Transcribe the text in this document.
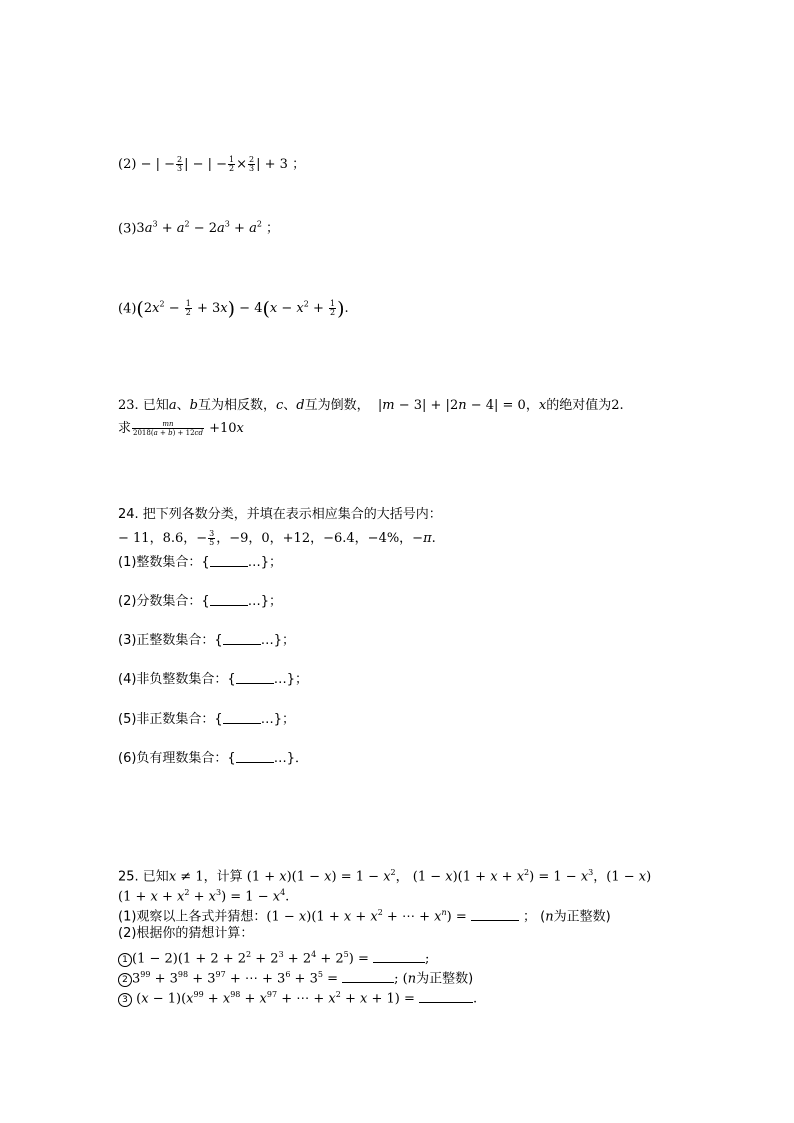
(2) − | − $\frac{2}{3}$ | − | − $\frac{1}{2} \times \frac{2}{3}$ | + 3 ；
$(3)3a^3 + a^2 - 2a^3 + a^2$ ；
$(4)(2x^2 - \frac{1}{2} + 3x) - 4(x - x^2 + \frac{1}{2}$ ).
23. 已知a、b互为相反数，c、d互为倒数，  |m − 3| + |2n − 4| = 0，x的绝对值为2.
求 $\frac{mn}{2018(a + b) + 12cd} +10x$
24. 把下列各数分类，并填在表示相应集合的大括号内：
− 11，8.6，− $\frac{3}{5}$ ，−9，0，+12，−6.4，−4%，−π.
(1)整数集合：{	…}；
(2)分数集合：{	…}；
(3)正整数集合：{	…}；
(4)非负整数集合：{	…}；
(5)非正数集合：{	…}；
(6)负有理数集合：{	…}．
25. 已知x ≠ 1，计算 $(1 + x)(1 - x) = 1 - x^2$， $(1 - x)(1 + x + x^2) = 1 - x^3$，(1 − x)
$(1 + x + x^2 + x^3) = 1 - x^4$.
(1)观察以上各式并猜想：$(1 - x)(1 + x + x^2$ + ⋯ + $x^n$) =	； (n为正整数)
(2)根据你的猜想计算：
1 $(1 - 2)(1 + 2 + 2^2 + 2^3 + 2^4 + 2^5)$ =	;
2 $3^{99} + 3^{98} + 3^{97}$ + ⋯ + $3^6 + 3^5$ =	; (n为正整数)
3 $(x - 1)(x^{99} + x^{98} + x^{97}$ + ⋯ + $x^2 + x + 1$) =	.
